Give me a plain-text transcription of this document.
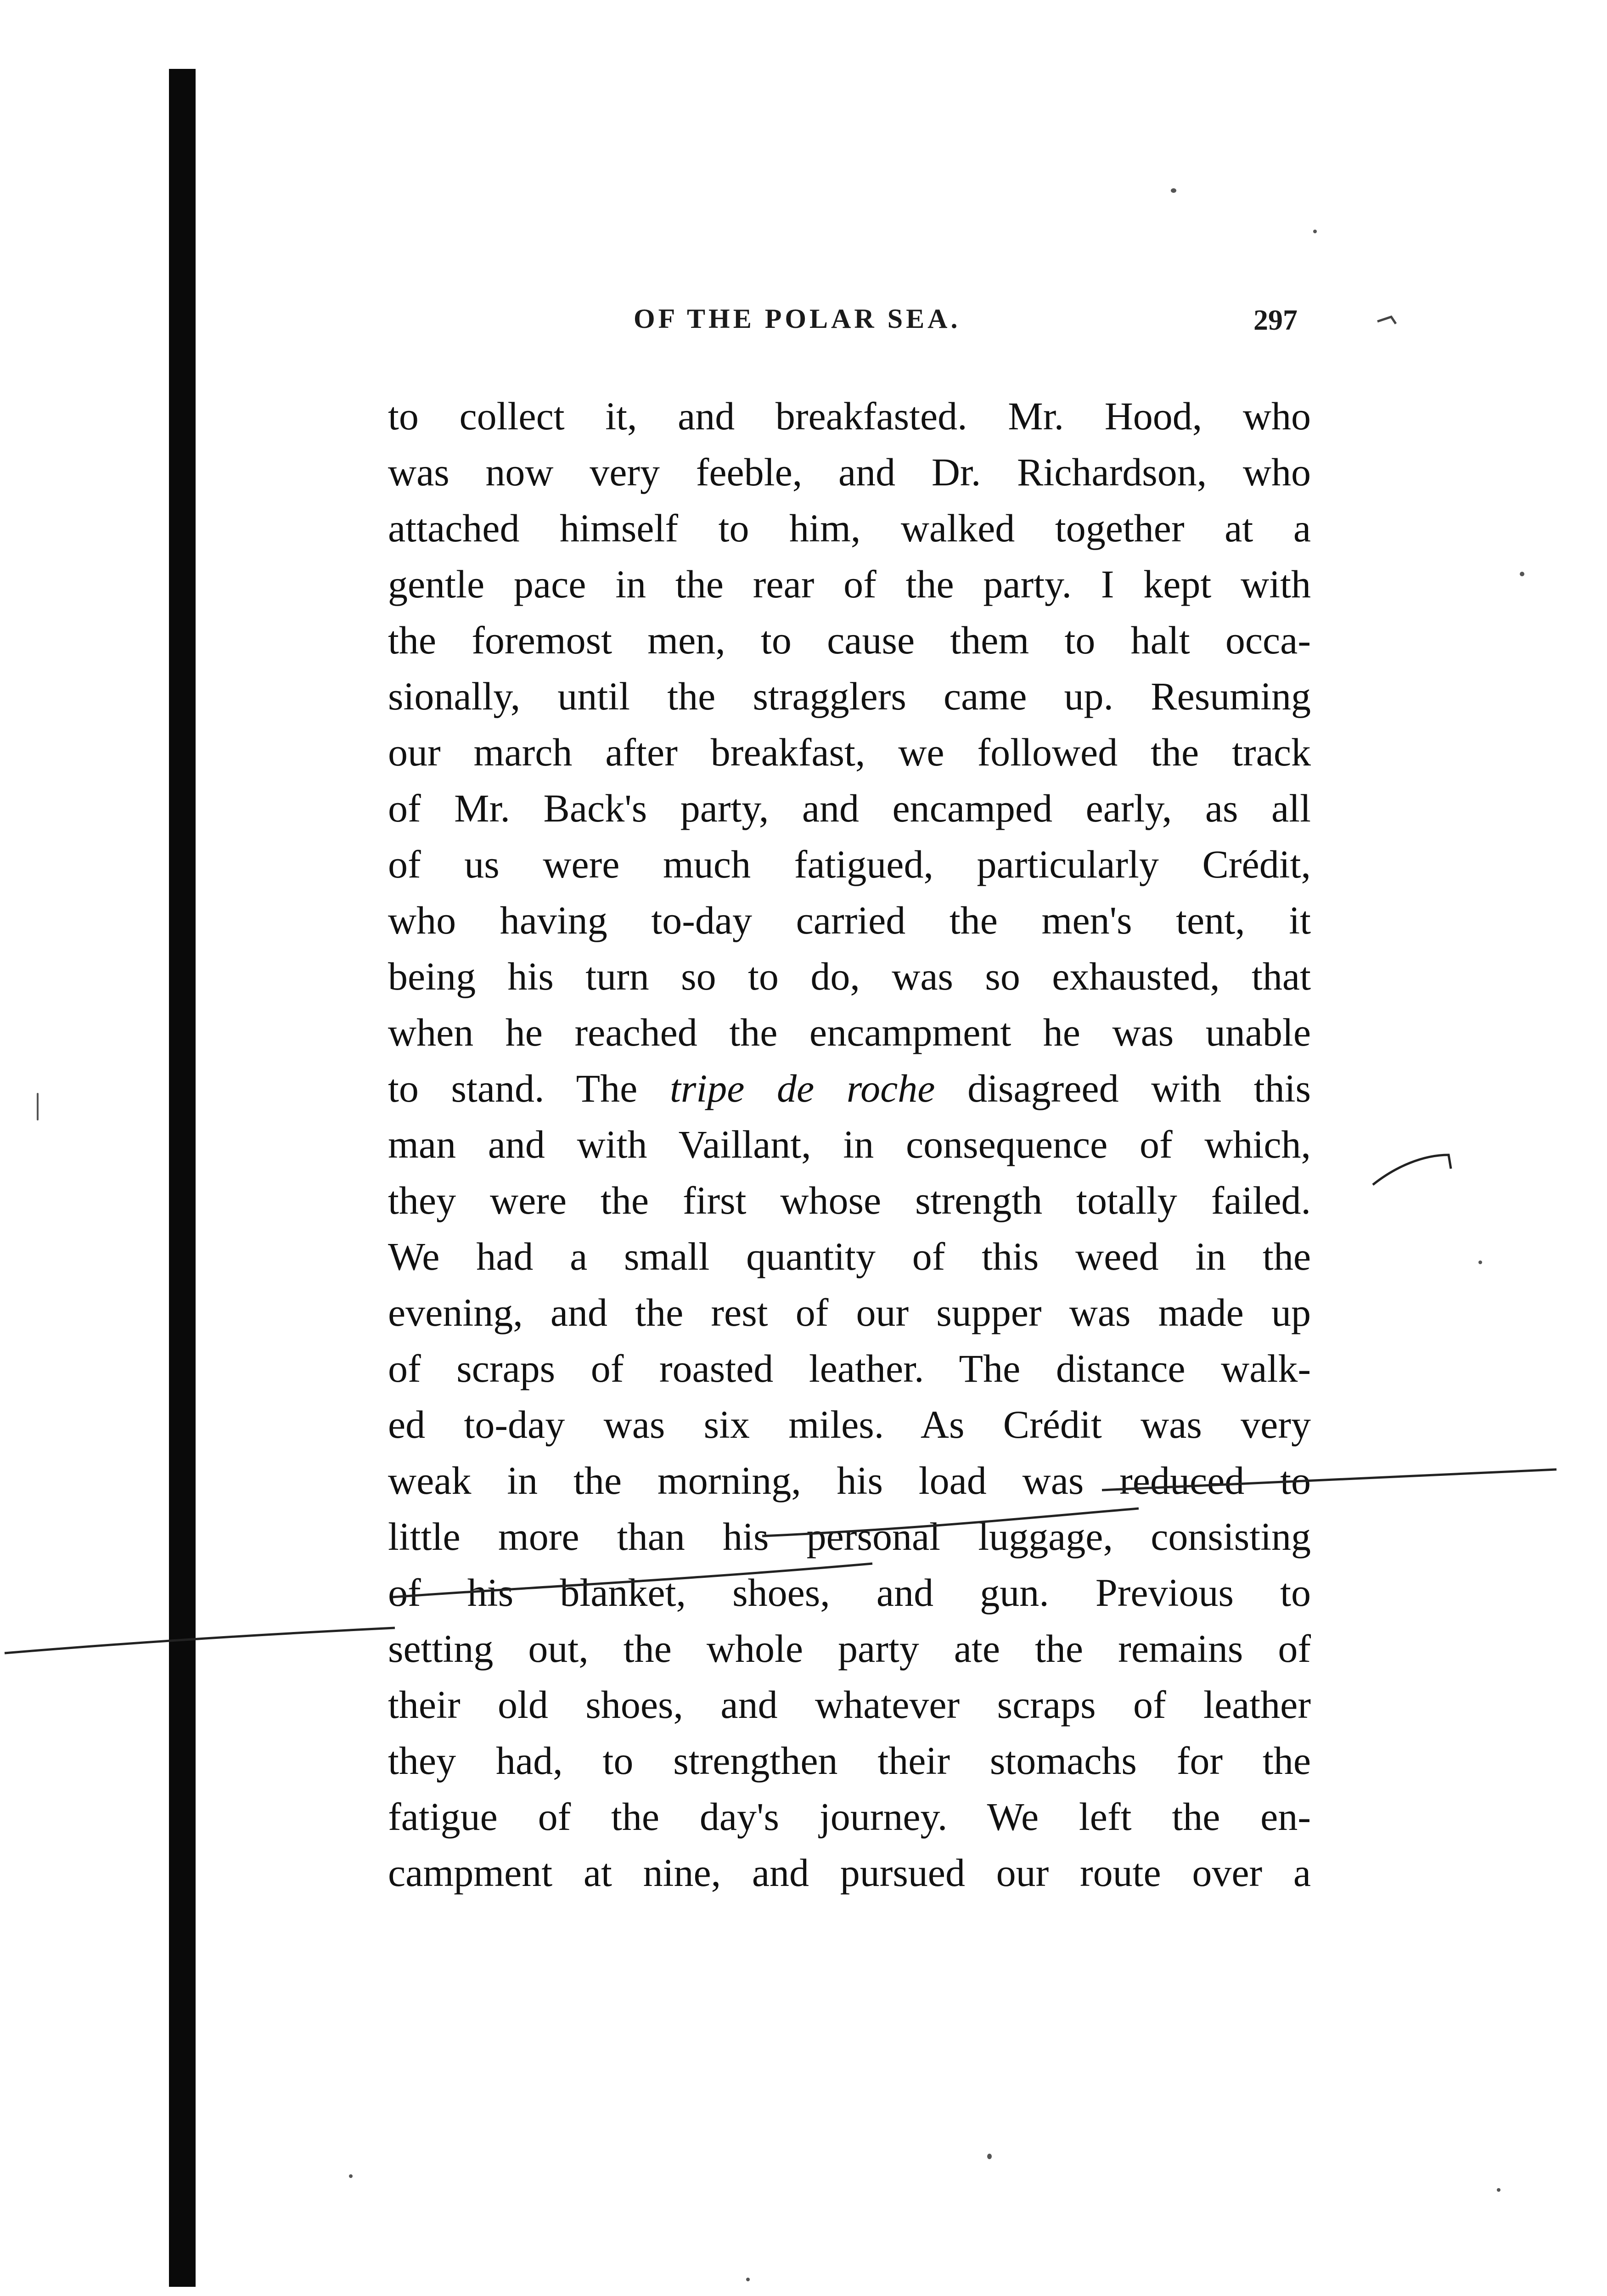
OF THE POLAR SEA.	297
to collect it, and breakfasted. Mr. Hood, who
was now very feeble, and Dr. Richardson, who
attached himself to him, walked together at a
gentle pace in the rear of the party. I kept with
the foremost men, to cause them to halt occa-
sionally, until the stragglers came up. Resuming
our march after breakfast, we followed the track
of Mr. Back's party, and encamped early, as all
of us were much fatigued, particularly Crédit,
who having to-day carried the men's tent, it
being his turn so to do, was so exhausted, that
when he reached the encampment he was unable
to stand. The tripe de roche disagreed with this
man and with Vaillant, in consequence of which,
they were the first whose strength totally failed.
We had a small quantity of this weed in the
evening, and the rest of our supper was made up
of scraps of roasted leather. The distance walk-
ed to-day was six miles. As Crédit was very
weak in the morning, his load was reduced to
little more than his personal luggage, consisting
of his blanket, shoes, and gun. Previous to
setting out, the whole party ate the remains of
their old shoes, and whatever scraps of leather
they had, to strengthen their stomachs for the
fatigue of the day's journey. We left the en-
campment at nine, and pursued our route over a
